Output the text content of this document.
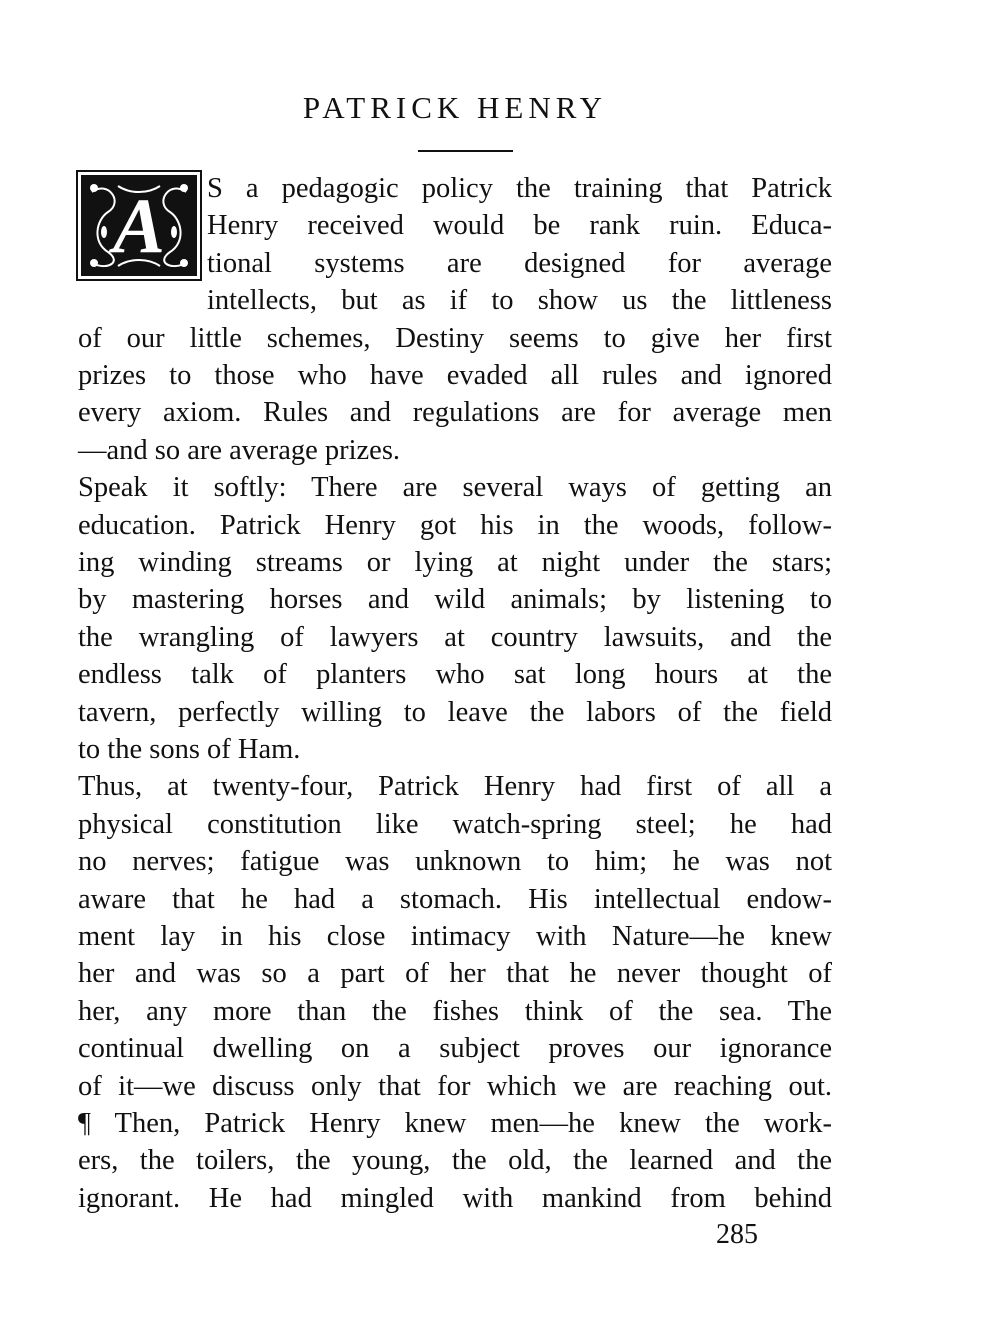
PATRICK HENRY
A	S a pedagogic policy the training that Patrick
Henry received would be rank ruin. Educa-
tional systems are designed for average
intellects, but as if to show us the littleness
of our little schemes, Destiny seems to give her first
prizes to those who have evaded all rules and ignored
every axiom. Rules and regulations are for average men
—and so are average prizes.
Speak it softly: There are several ways of getting an
education. Patrick Henry got his in the woods, follow-
ing winding streams or lying at night under the stars;
by mastering horses and wild animals; by listening to
the wrangling of lawyers at country lawsuits, and the
endless talk of planters who sat long hours at the
tavern, perfectly willing to leave the labors of the field
to the sons of Ham.
Thus, at twenty-four, Patrick Henry had first of all a
physical constitution like watch-spring steel; he had
no nerves; fatigue was unknown to him; he was not
aware that he had a stomach. His intellectual endow-
ment lay in his close intimacy with Nature—he knew
her and was so a part of her that he never thought of
her, any more than the fishes think of the sea. The
continual dwelling on a subject proves our ignorance
of it—we discuss only that for which we are reaching out.
¶ Then, Patrick Henry knew men—he knew the work-
ers, the toilers, the young, the old, the learned and the
ignorant. He had mingled with mankind from behind
285
